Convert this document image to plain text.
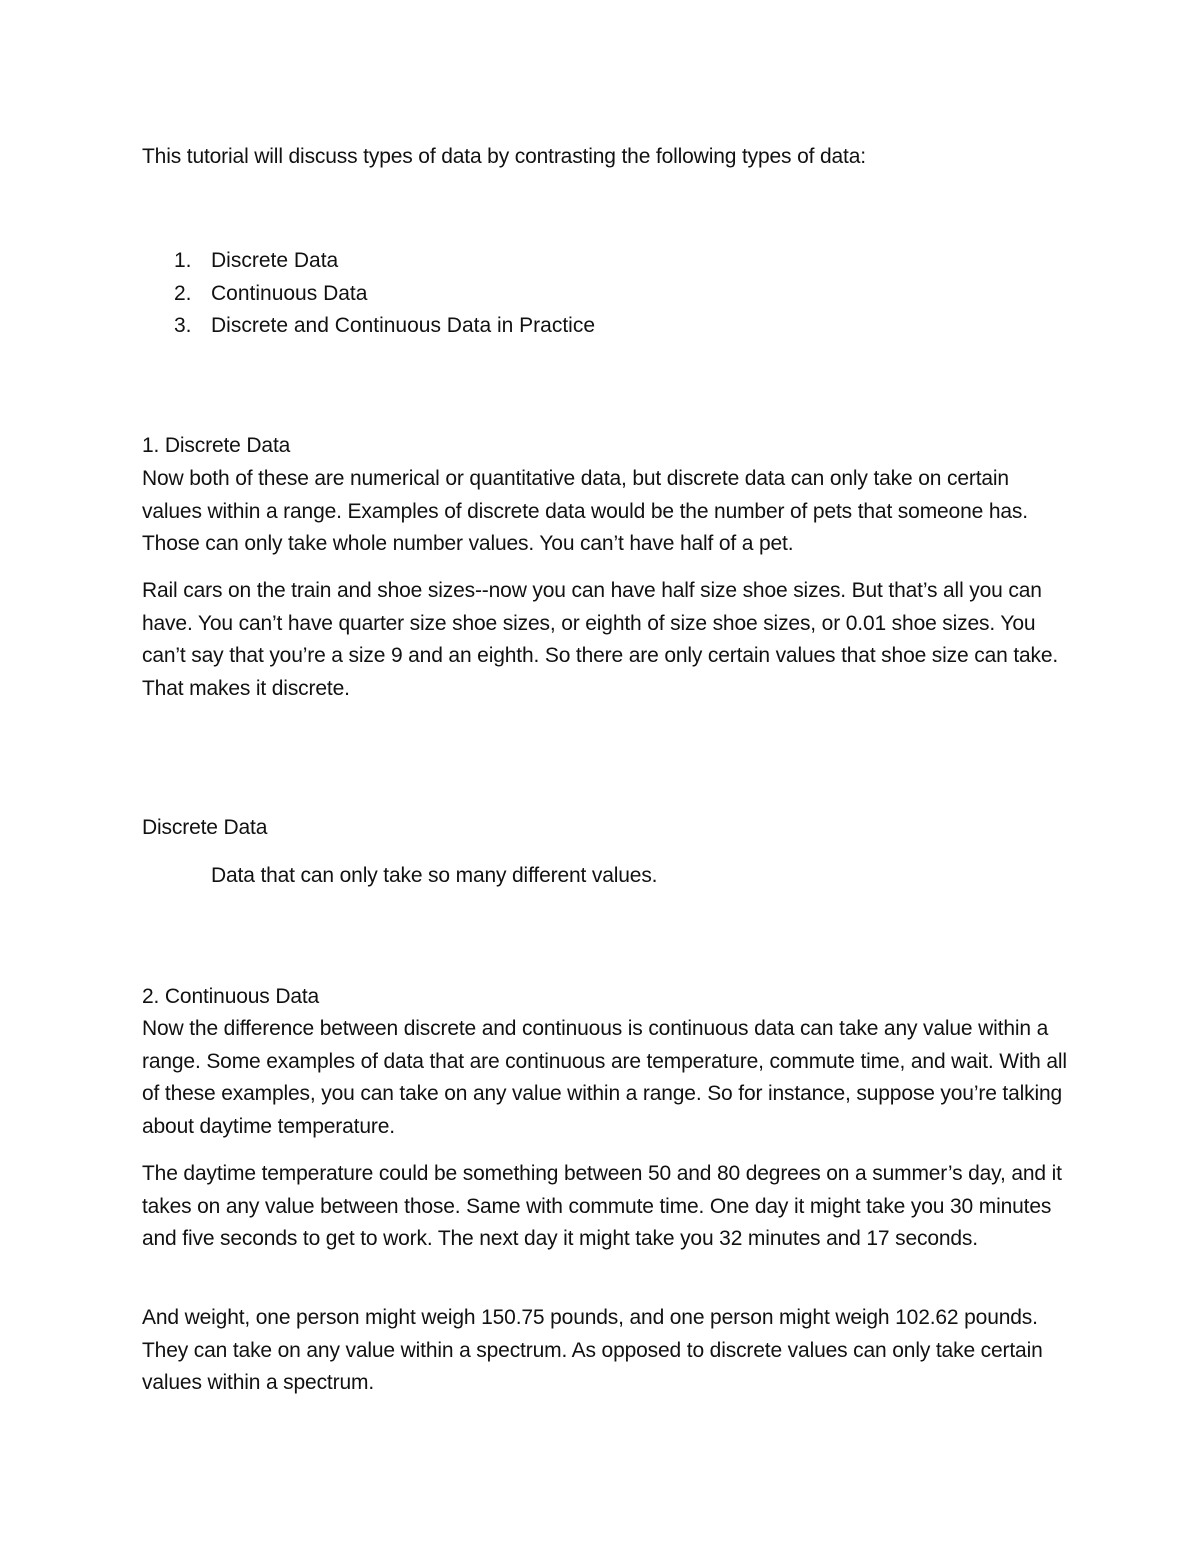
This tutorial will discuss types of data by contrasting the following types of data:

1. Discrete Data
2. Continuous Data
3. Discrete and Continuous Data in Practice

1. Discrete Data

Now both of these are numerical or quantitative data, but discrete data can only take on certain values within a range. Examples of discrete data would be the number of pets that someone has. Those can only take whole number values. You can’t have half of a pet.

Rail cars on the train and shoe sizes--now you can have half size shoe sizes. But that’s all you can have. You can’t have quarter size shoe sizes, or eighth of size shoe sizes, or 0.01 shoe sizes. You can’t say that you’re a size 9 and an eighth. So there are only certain values that shoe size can take. That makes it discrete.

Discrete Data

Data that can only take so many different values.

2. Continuous Data

Now the difference between discrete and continuous is continuous data can take any value within a range. Some examples of data that are continuous are temperature, commute time, and wait. With all of these examples, you can take on any value within a range. So for instance, suppose you’re talking about daytime temperature.

The daytime temperature could be something between 50 and 80 degrees on a summer’s day, and it takes on any value between those. Same with commute time. One day it might take you 30 minutes and five seconds to get to work. The next day it might take you 32 minutes and 17 seconds.

And weight, one person might weigh 150.75 pounds, and one person might weigh 102.62 pounds. They can take on any value within a spectrum. As opposed to discrete values can only take certain values within a spectrum.
